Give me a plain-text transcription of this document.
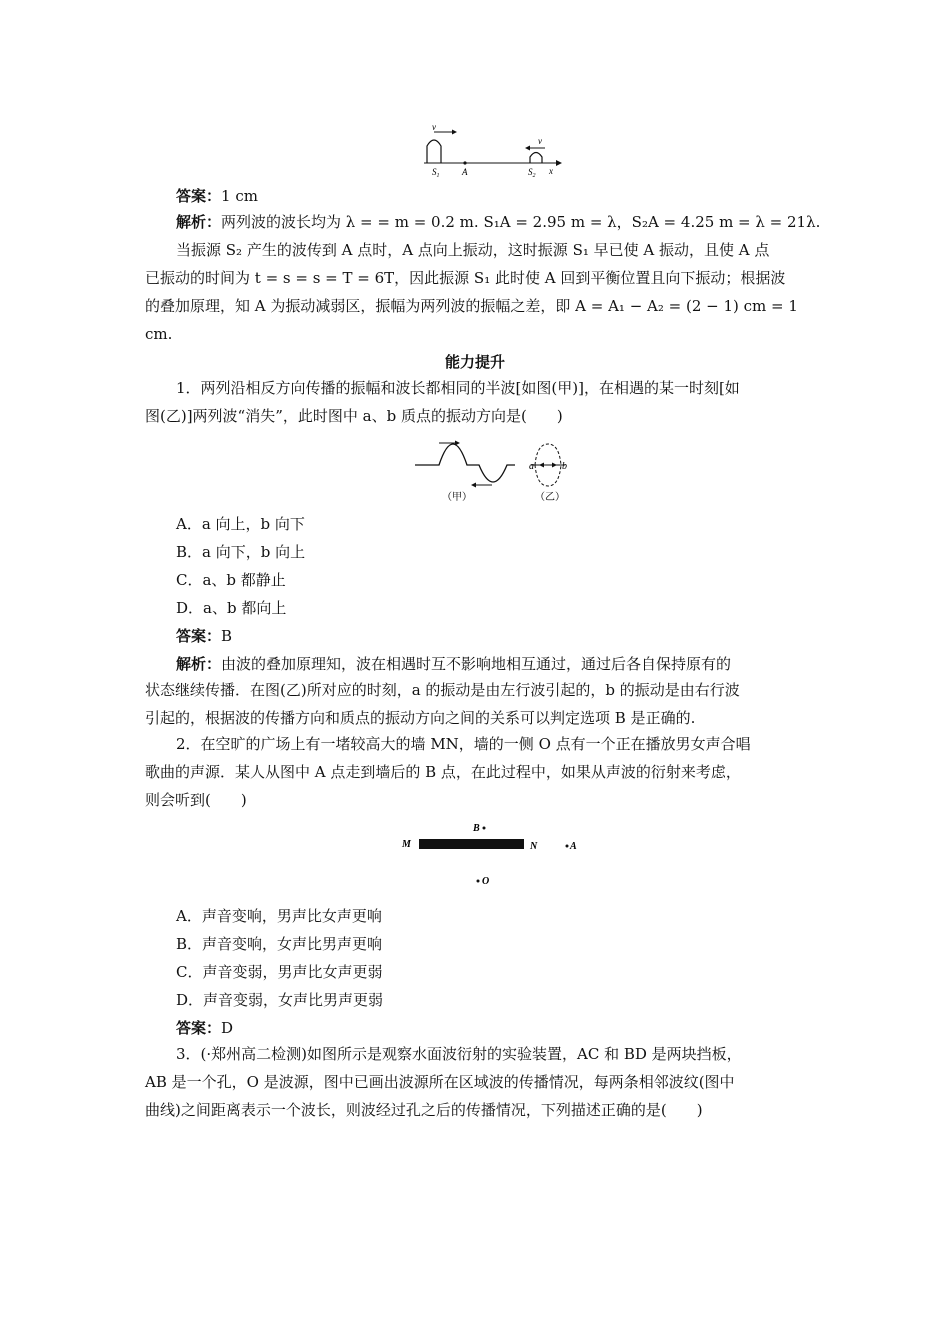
v
v
$S_1$	A	$S_2$ x
答案：1 cm
解析：两列波的波长均为 λ = = m = 0.2 m. S₁A = 2.95 m = λ，S₂A = 4.25 m = λ = 21λ.
当振源 S₂ 产生的波传到 A 点时，A 点向上振动，这时振源 S₁ 早已使 A 振动，且使 A 点
已振动的时间为 t = s = s = T = 6T，因此振源 S₁ 此时使 A 回到平衡位置且向下振动；根据波
的叠加原理，知 A 为振动减弱区，振幅为两列波的振幅之差，即 A = A₁ − A₂ = (2 − 1) cm = 1
cm.
能力提升
1．两列沿相反方向传播的振幅和波长都相同的半波[如图(甲)]，在相遇的某一时刻[如
图(乙)]两列波“消失”，此时图中 a、b 质点的振动方向是(　　)
（甲）
a	b
（乙）
A．a 向上，b 向下
B．a 向下，b 向上
C．a、b 都静止
D．a、b 都向上
答案：B
解析：由波的叠加原理知，波在相遇时互不影响地相互通过，通过后各自保持原有的
状态继续传播．在图(乙)所对应的时刻，a 的振动是由左行波引起的，b 的振动是由右行波
引起的，根据波的传播方向和质点的振动方向之间的关系可以判定选项 B 是正确的.
2．在空旷的广场上有一堵较高大的墙 MN，墙的一侧 O 点有一个正在播放男女声合唱
歌曲的声源．某人从图中 A 点走到墙后的 B 点，在此过程中，如果从声波的衍射来考虑，
则会听到(　　)
B
M	N	A
O
A．声音变响，男声比女声更响
B．声音变响，女声比男声更响
C．声音变弱，男声比女声更弱
D．声音变弱，女声比男声更弱
答案：D
3．(·郑州高二检测)如图所示是观察水面波衍射的实验装置，AC 和 BD 是两块挡板，
AB 是一个孔，O 是波源，图中已画出波源所在区域波的传播情况，每两条相邻波纹(图中
曲线)之间距离表示一个波长，则波经过孔之后的传播情况，下列描述正确的是(　　)
